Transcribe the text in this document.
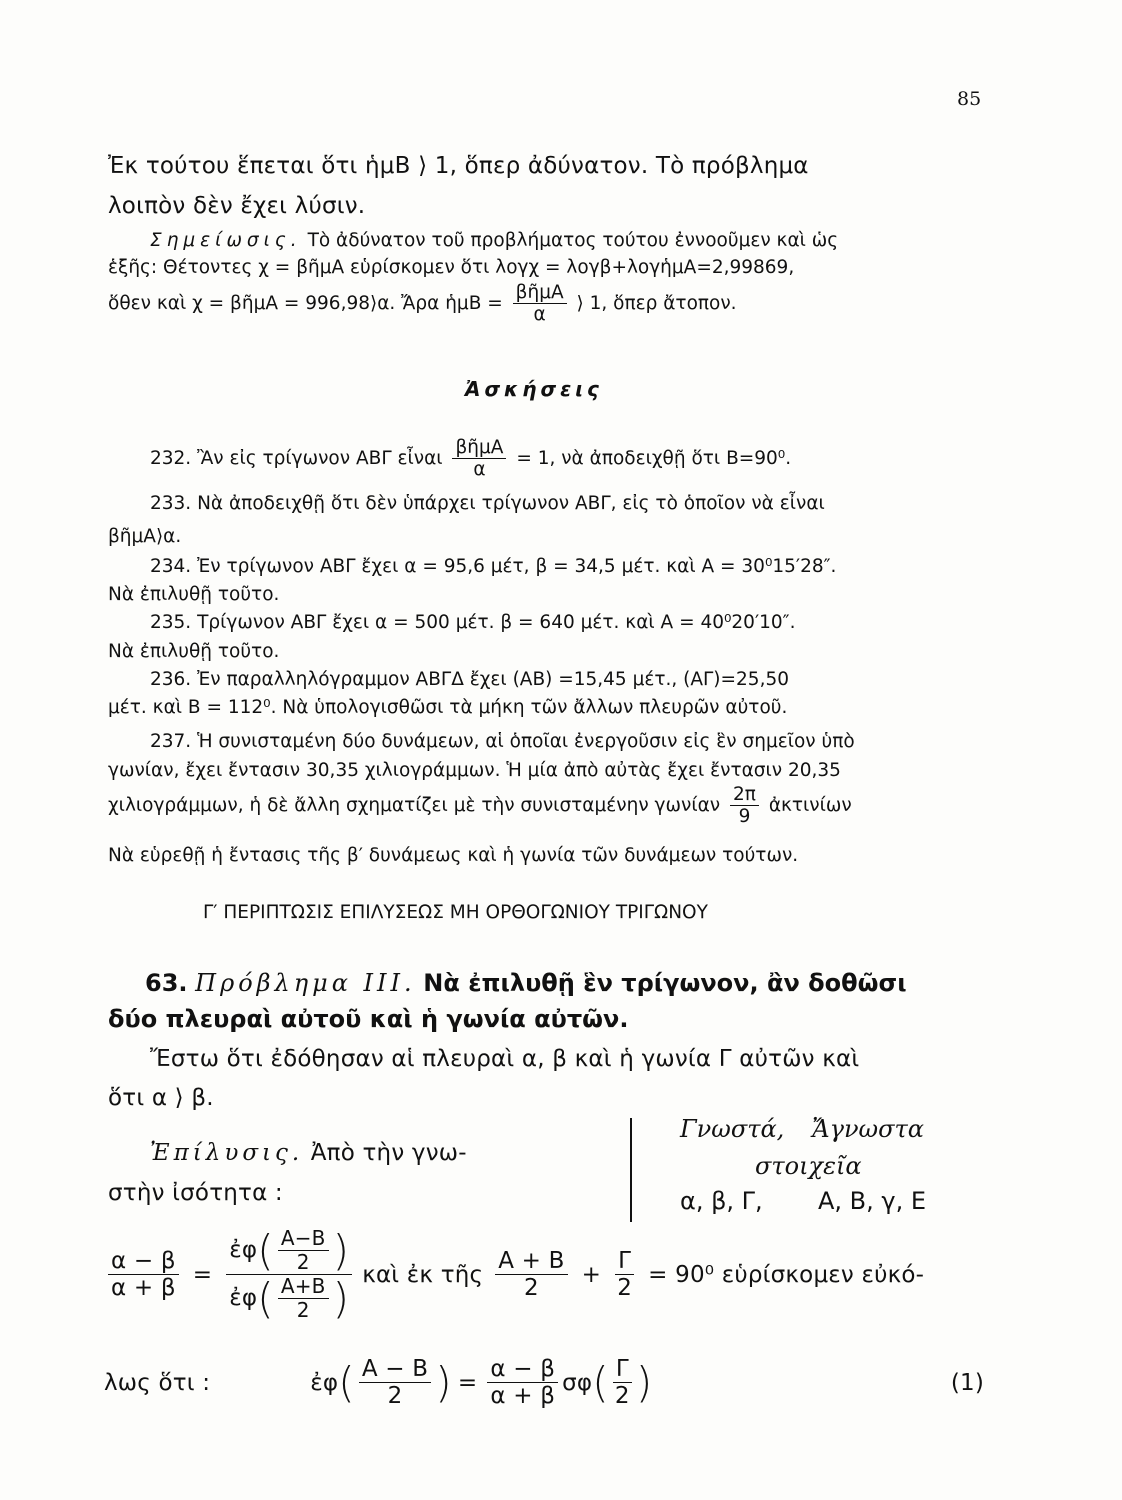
85
Ἐκ τούτου ἕπεται ὅτι ἡμΒ ⟩ 1, ὅπερ ἀδύνατον. Τὸ πρόβλημα
λοιπὸν δὲν ἔχει λύσιν.
Σημείωσις. Τὸ ἀδύνατον τοῦ προβλήματος τούτου ἐννοοῦμεν καὶ ὡς
ἑξῆς: Θέτοντες χ = βῆμΑ εὑρίσκομεν ὅτι λογχ = λογβ+λογἡμΑ=2,99869,
ὅθεν καὶ χ = βῆμΑ = 996,98⟩α. Ἄρα ἡμΒ = $\frac{\text{βῆμΑ}}{\alpha}$ ⟩ 1, ὅπερ ἄτοπον.
Ἀσκήσεις
232. Ἂν εἰς τρίγωνον ΑΒΓ εἶναι $\frac{\text{βῆμΑ}}{\alpha} = 1$, νὰ ἀποδειχθῇ ὅτι Β=90⁰.
233. Νὰ ἀποδειχθῇ ὅτι δὲν ὑπάρχει τρίγωνον ΑΒΓ, εἰς τὸ ὁποῖον νὰ εἶναι
βῆμΑ⟩α.
234. Ἐν τρίγωνον ΑΒΓ ἔχει α = 95,6 μέτ, β = 34,5 μέτ. καὶ Α = 30⁰15′28″.
Νὰ ἐπιλυθῇ τοῦτο.
235. Τρίγωνον ΑΒΓ ἔχει α = 500 μέτ. β = 640 μέτ. καὶ Α = 40⁰20′10″.
Νὰ ἐπιλυθῇ τοῦτο.
236. Ἐν παραλληλόγραμμον ΑΒΓΔ ἔχει (ΑΒ) =15,45 μέτ., (ΑΓ)=25,50
μέτ. καὶ Β = 112⁰. Νὰ ὑπολογισθῶσι τὰ μήκη τῶν ἄλλων πλευρῶν αὐτοῦ.
237. Ἡ συνισταμένη δύο δυνάμεων, αἱ ὁποῖαι ἐνεργοῦσιν εἰς ἓν σημεῖον ὑπὸ
γωνίαν, ἔχει ἔντασιν 30,35 χιλιογράμμων. Ἡ μία ἀπὸ αὐτὰς ἔχει ἔντασιν 20,35
χιλιογράμμων, ἡ δὲ ἄλλη σχηματίζει μὲ τὴν συνισταμένην γωνίαν $\frac{2\pi}{9}$ ἀκτινίων
Νὰ εὑρεθῇ ἡ ἔντασις τῆς β′ δυνάμεως καὶ ἡ γωνία τῶν δυνάμεων τούτων.
Γ′ ΠΕΡΙΠΤΩΣΙΣ ΕΠΙΛΥΣΕΩΣ ΜΗ ΟΡΘΟΓΩΝΙΟΥ ΤΡΙΓΩΝΟΥ
63. Πρόβλημα ΙΙΙ. Νὰ ἐπιλυθῇ ἓν τρίγωνον, ἂν δοθῶσι
δύο πλευραὶ αὐτοῦ καὶ ἡ γωνία αὐτῶν.
Ἔστω ὅτι ἐδόθησαν αἱ πλευραὶ α, β καὶ ἡ γωνία Γ αὐτῶν καὶ
ὅτι α ⟩ β.
Ἐπίλυσις. Ἀπὸ τὴν γνω-
στὴν ἰσότητα :
Γνωστά, Ἄγνωστα
στοιχεῖα
α, β, Γ, Α, Β, γ, Ε
$\frac{\alpha - \beta}{\alpha + \beta}$ =
ἐφ ( $\frac{A-B}{2}$ )
ἐφ ( $\frac{A+B}{2}$ ) καὶ ἐκ τῆς $\frac{A + B}{2} + \frac{\Gamma}{2} = 90^0$ εὑρίσκομεν εὐκό-
λως ὅτι :	ἐφ ( $\frac{A - B}{2}$ ) = $\frac{\alpha - \beta}{\alpha + \beta}$ σφ ( $\frac{\Gamma}{2}$ )	(1)
